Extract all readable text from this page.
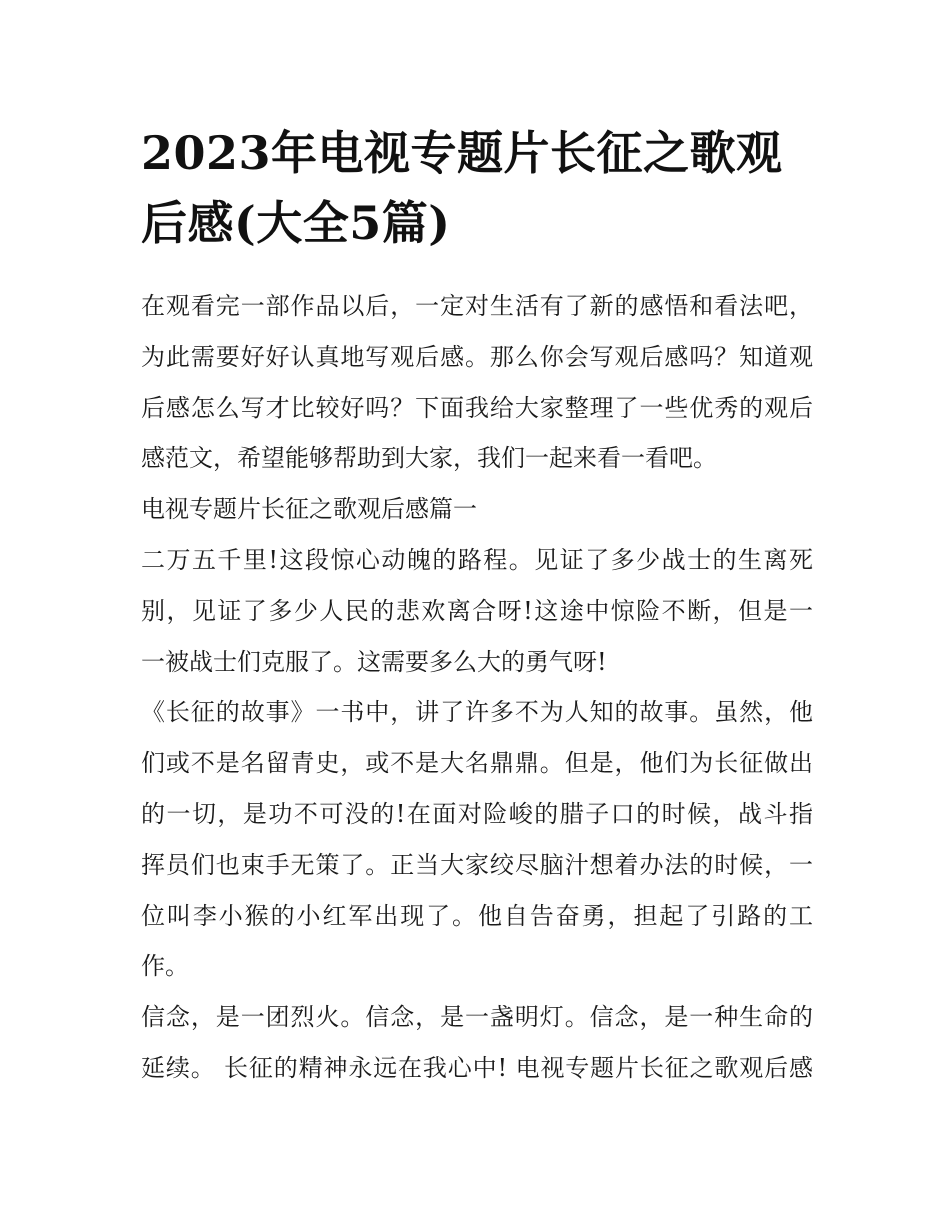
2023年电视专题片长征之歌观
后感(大全5篇)
在观看完一部作品以后，一定对生活有了新的感悟和看法吧，
为此需要好好认真地写观后感。那么你会写观后感吗？知道观
后感怎么写才比较好吗？下面我给大家整理了一些优秀的观后
感范文，希望能够帮助到大家，我们一起来看一看吧。
电视专题片长征之歌观后感篇一
二万五千里!这段惊心动魄的路程。见证了多少战士的生离死
别，见证了多少人民的悲欢离合呀!这途中惊险不断，但是一
一被战士们克服了。这需要多么大的勇气呀!
《长征的故事》一书中，讲了许多不为人知的故事。虽然，他
们或不是名留青史，或不是大名鼎鼎。但是，他们为长征做出
的一切，是功不可没的!在面对险峻的腊子口的时候，战斗指
挥员们也束手无策了。正当大家绞尽脑汁想着办法的时候，一
位叫李小猴的小红军出现了。他自告奋勇，担起了引路的工
作。
信念，是一团烈火。信念，是一盏明灯。信念，是一种生命的
延续。 长征的精神永远在我心中! 电视专题片长征之歌观后感
